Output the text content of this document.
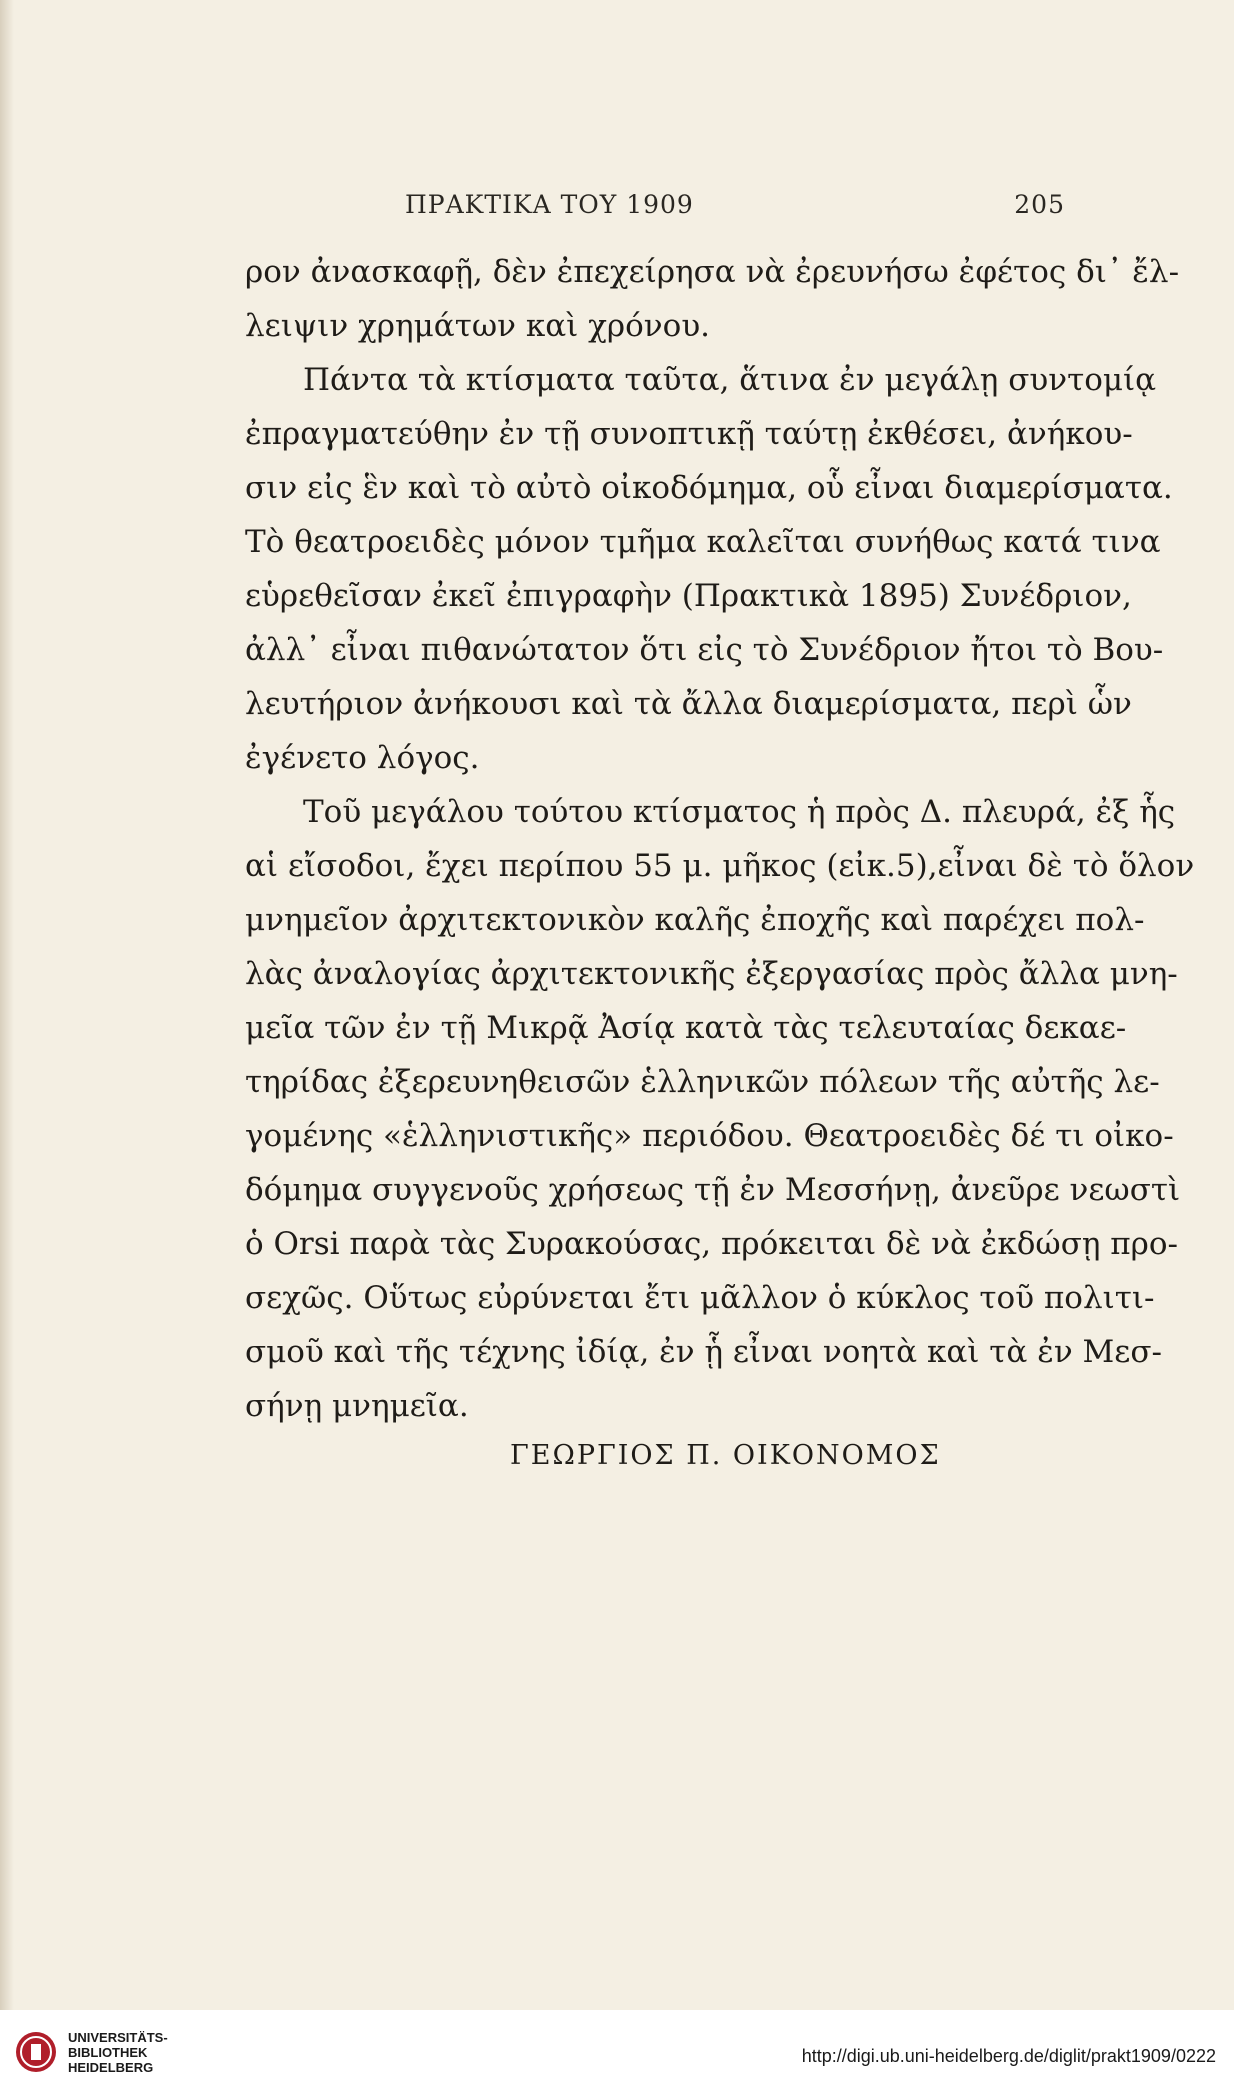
ΠΡΑΚΤΙΚΑ ΤΟΥ 1909	205
ρον ἀνασκαφῇ, δὲν ἐπεχείρησα νὰ ἐρευνήσω ἐφέτος δι᾿ ἔλ-
λειψιν χρημάτων καὶ χρόνου.
Πάντα τὰ κτίσματα ταῦτα, ἅτινα ἐν μεγάλῃ συντομίᾳ
ἐπραγματεύθην ἐν τῇ συνοπτικῇ ταύτῃ ἐκθέσει, ἀνήκου-
σιν εἰς ἓν καὶ τὸ αὐτὸ οἰκοδόμημα, οὗ εἶναι διαμερίσματα.
Τὸ θεατροειδὲς μόνον τμῆμα καλεῖται συνήθως κατά τινα
εὑρεθεῖσαν ἐκεῖ ἐπιγραφὴν (Πρακτικὰ 1895) Συνέδριον,
ἀλλ᾿ εἶναι πιθανώτατον ὅτι εἰς τὸ Συνέδριον ἤτοι τὸ Βου-
λευτήριον ἀνήκουσι καὶ τὰ ἄλλα διαμερίσματα, περὶ ὧν
ἐγένετο λόγος.
Τοῦ μεγάλου τούτου κτίσματος ἡ πρὸς Δ. πλευρά, ἐξ ἧς
αἱ εἴσοδοι, ἔχει περίπου 55 μ. μῆκος (εἰκ.5),εἶναι δὲ τὸ ὅλον
μνημεῖον ἀρχιτεκτονικὸν καλῆς ἐποχῆς καὶ παρέχει πολ-
λὰς ἀναλογίας ἀρχιτεκτονικῆς ἐξεργασίας πρὸς ἄλλα μνη-
μεῖα τῶν ἐν τῇ Μικρᾷ Ἀσίᾳ κατὰ τὰς τελευταίας δεκαε-
τηρίδας ἐξερευνηθεισῶν ἑλληνικῶν πόλεων τῆς αὐτῆς λε-
γομένης «ἑλληνιστικῆς» περιόδου. Θεατροειδὲς δέ τι οἰκο-
δόμημα συγγενοῦς χρήσεως τῇ ἐν Μεσσήνῃ, ἀνεῦρε νεωστὶ
ὁ Orsi παρὰ τὰς Συρακούσας, πρόκειται δὲ νὰ ἐκδώσῃ προ-
σεχῶς. Οὕτως εὐρύνεται ἔτι μᾶλλον ὁ κύκλος τοῦ πολιτι-
σμοῦ καὶ τῆς τέχνης ἰδίᾳ, ἐν ᾗ εἶναι νοητὰ καὶ τὰ ἐν Μεσ-
σήνῃ μνημεῖα.
ΓΕΩΡΓΙΟΣ Π. ΟΙΚΟΝΟΜΟΣ
UNIVERSITÄTS-
BIBLIOTHEK
HEIDELBERG
http://digi.ub.uni-heidelberg.de/diglit/prakt1909/0222
